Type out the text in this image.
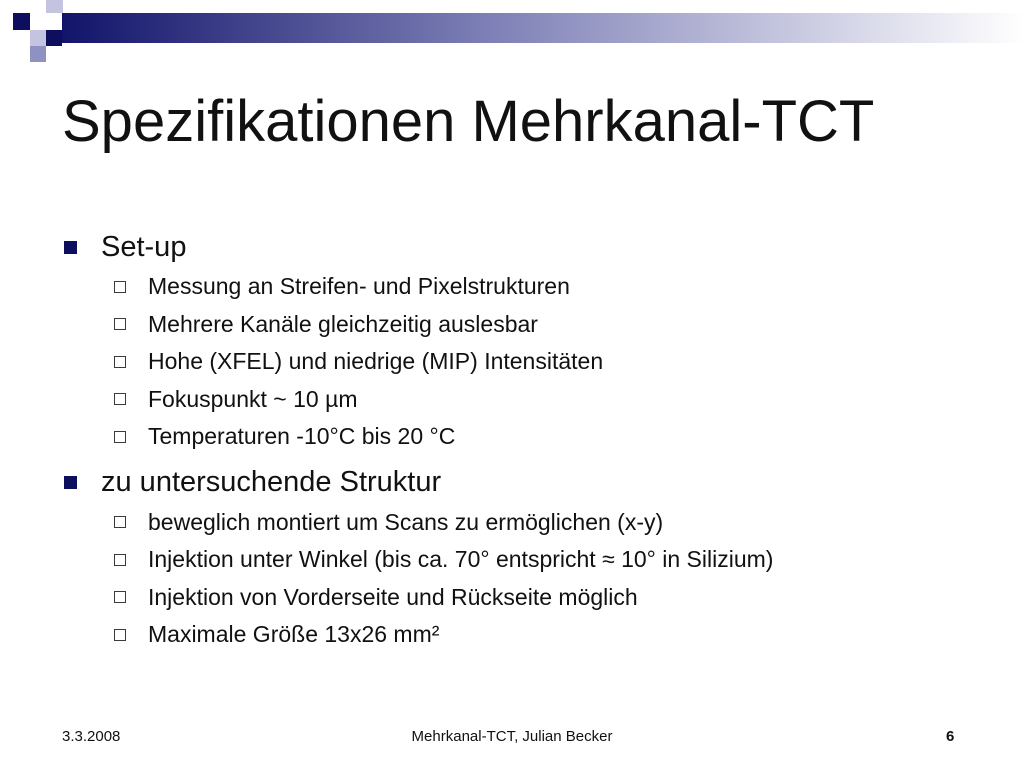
Spezifikationen Mehrkanal-TCT
Set-up
Messung an Streifen- und Pixelstrukturen
Mehrere Kanäle gleichzeitig auslesbar
Hohe (XFEL) und niedrige (MIP) Intensitäten
Fokuspunkt ~ 10 µm
Temperaturen -10°C bis 20 °C
zu untersuchende Struktur
beweglich montiert um Scans zu ermöglichen (x-y)
Injektion unter Winkel (bis ca. 70° entspricht ≈ 10° in Silizium)
Injektion von Vorderseite und Rückseite möglich
Maximale Größe 13x26 mm²
3.3.2008	Mehrkanal-TCT, Julian Becker	6
